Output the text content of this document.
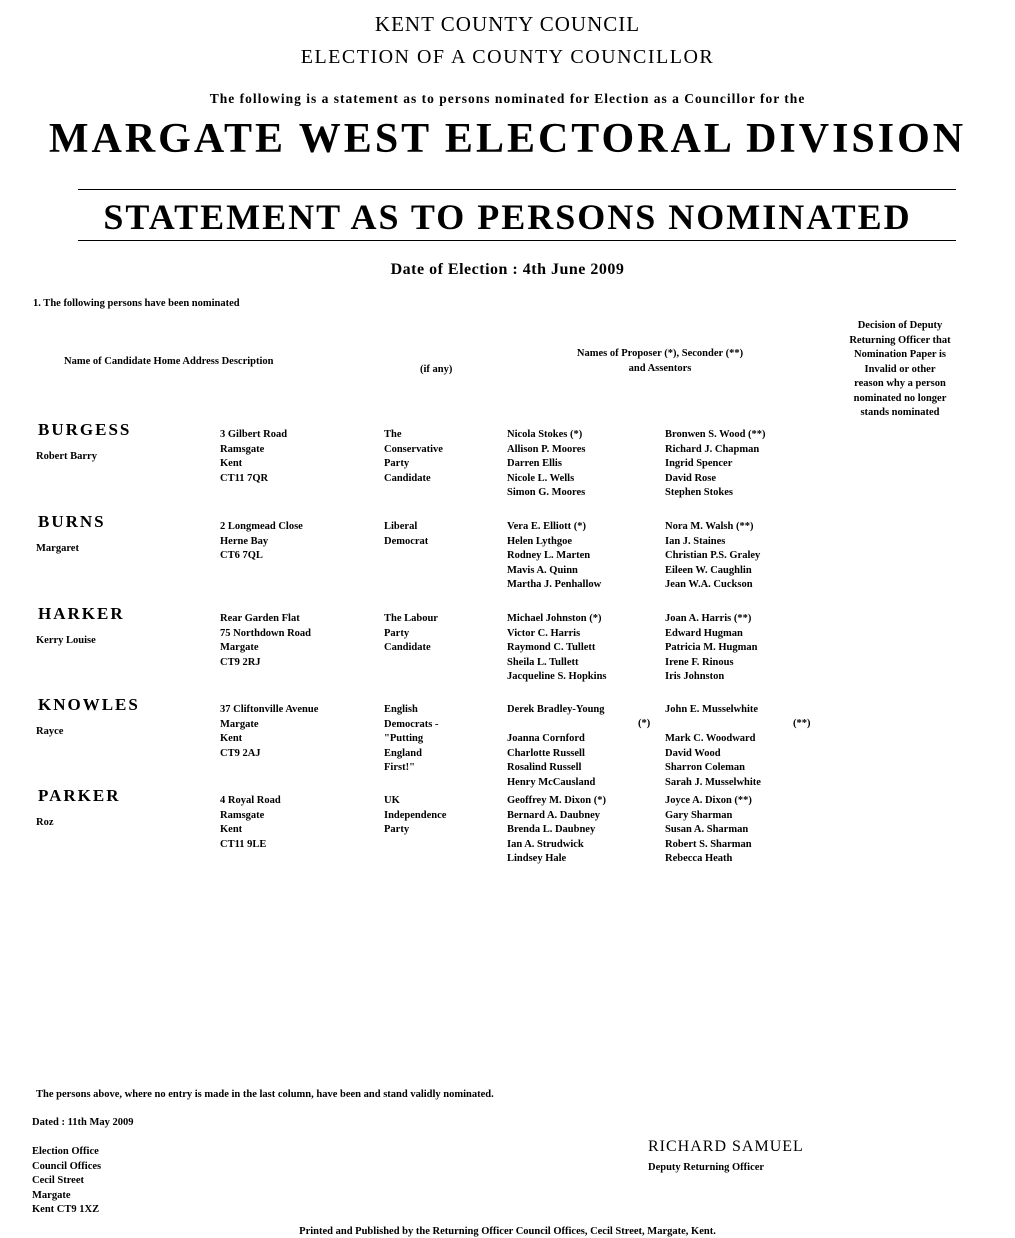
KENT COUNTY COUNCIL
ELECTION OF A COUNTY COUNCILLOR
The following is a statement as to persons nominated for Election as a Councillor for the
MARGATE WEST ELECTORAL DIVISION
STATEMENT AS TO PERSONS NOMINATED
Date of Election : 4th June 2009
1. The following persons have been nominated
Name of Candidate Home Address Description
(if any)
Names of Proposer (*), Seconder (**)
and Assentors
Decision of Deputy
Returning Officer that
Nomination Paper is
Invalid or other
reason why a person
nominated no longer
stands nominated
BURGESS
Robert Barry
3 Gilbert Road
Ramsgate
Kent
CT11 7QR
The
Conservative
Party
Candidate
Nicola Stokes (*)
Allison P. Moores
Darren Ellis
Nicole L. Wells
Simon G. Moores
Bronwen S. Wood (**)
Richard J. Chapman
Ingrid Spencer
David Rose
Stephen Stokes
BURNS
Margaret
2 Longmead Close
Herne Bay
CT6 7QL
Liberal
Democrat
Vera E. Elliott (*)
Helen Lythgoe
Rodney L. Marten
Mavis A. Quinn
Martha J. Penhallow
Nora M. Walsh (**)
Ian J. Staines
Christian P.S. Graley
Eileen W. Caughlin
Jean W.A. Cuckson
HARKER
Kerry Louise
Rear Garden Flat
75 Northdown Road
Margate
CT9 2RJ
The Labour
Party
Candidate
Michael Johnston (*)
Victor C. Harris
Raymond C. Tullett
Sheila L. Tullett
Jacqueline S. Hopkins
Joan A. Harris (**)
Edward Hugman
Patricia M. Hugman
Irene F. Rinous
Iris Johnston
KNOWLES
Rayce
37 Cliftonville Avenue
Margate
Kent
CT9 2AJ
English
Democrats -
"Putting
England
First!"
Derek Bradley-Young
Joanna Cornford
Charlotte Russell
Rosalind Russell
Henry McCausland
John E. Musselwhite
Mark C. Woodward
David Wood
Sharron Coleman
Sarah J. Musselwhite
(*)	(**)
PARKER
Roz
4 Royal Road
Ramsgate
Kent
CT11 9LE
UK
Independence
Party
Geoffrey M. Dixon (*)
Bernard A. Daubney
Brenda L. Daubney
Ian A. Strudwick
Lindsey Hale
Joyce A. Dixon (**)
Gary Sharman
Susan A. Sharman
Robert S. Sharman
Rebecca Heath
The persons above, where no entry is made in the last column, have been and stand validly nominated.
Dated : 11th May 2009
Election Office
Council Offices
Cecil Street
Margate
Kent CT9 1XZ
RICHARD SAMUEL
Deputy Returning Officer
Printed and Published by the Returning Officer Council Offices, Cecil Street, Margate, Kent.
